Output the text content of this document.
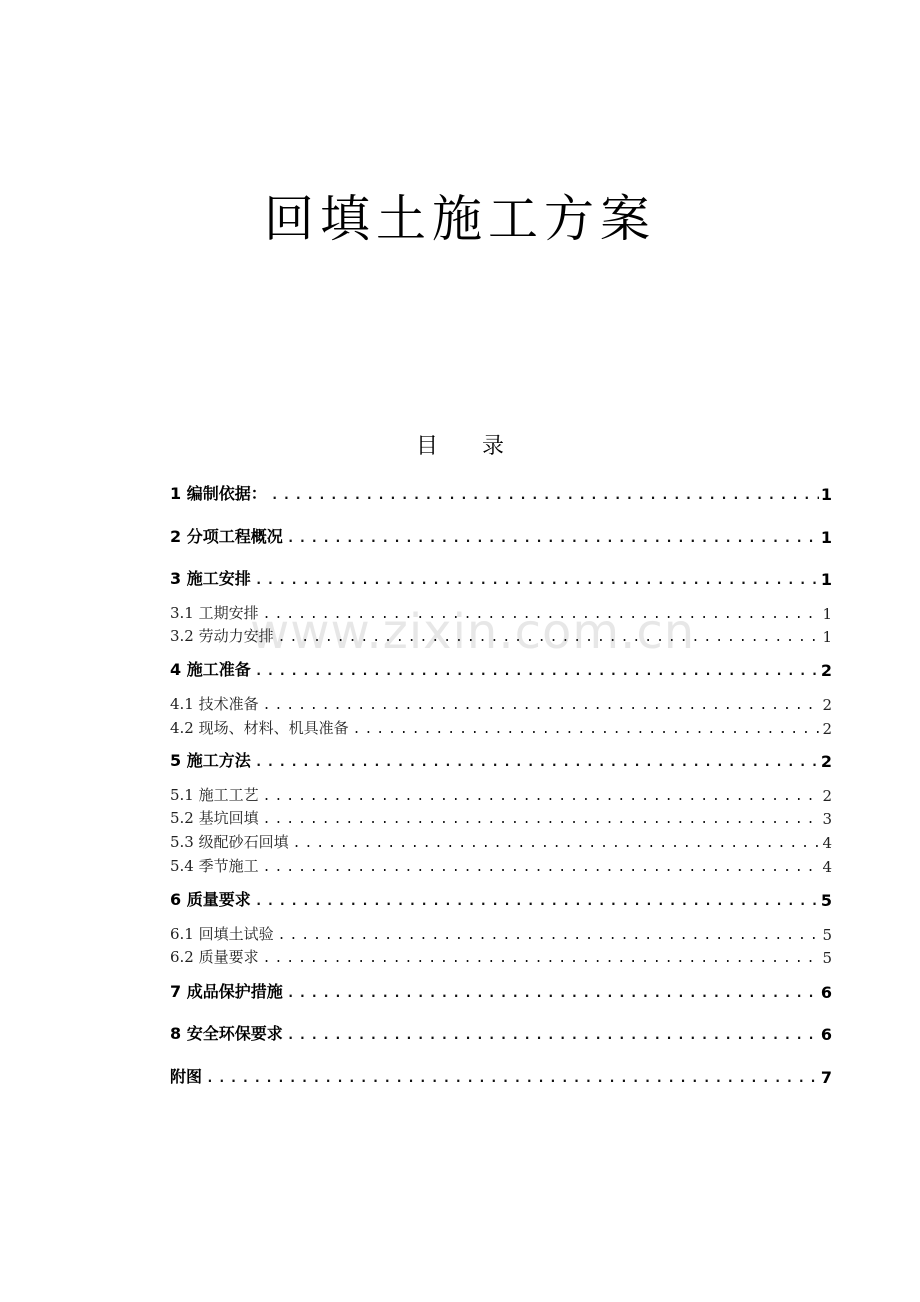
回填土施工方案
目　　录
www.zixin.com.cn
1 编制依据： .....	1
2 分项工程概况 .....	1
3 施工安排 .....	1
3.1 工期安排 .....	1
3.2 劳动力安排 .....	1
4 施工准备 .....	2
4.1 技术准备 .....	2
4.2 现场、材料、机具准备 .....	2
5 施工方法 .....	2
5.1 施工工艺 .....	2
5.2 基坑回填 .....	3
5.3 级配砂石回填 .....	4
5.4 季节施工 .....	4
6 质量要求 .....	5
6.1 回填土试验 .....	5
6.2 质量要求 .....	5
7 成品保护措施 .....	6
8 安全环保要求 .....	6
附图 .....	7
